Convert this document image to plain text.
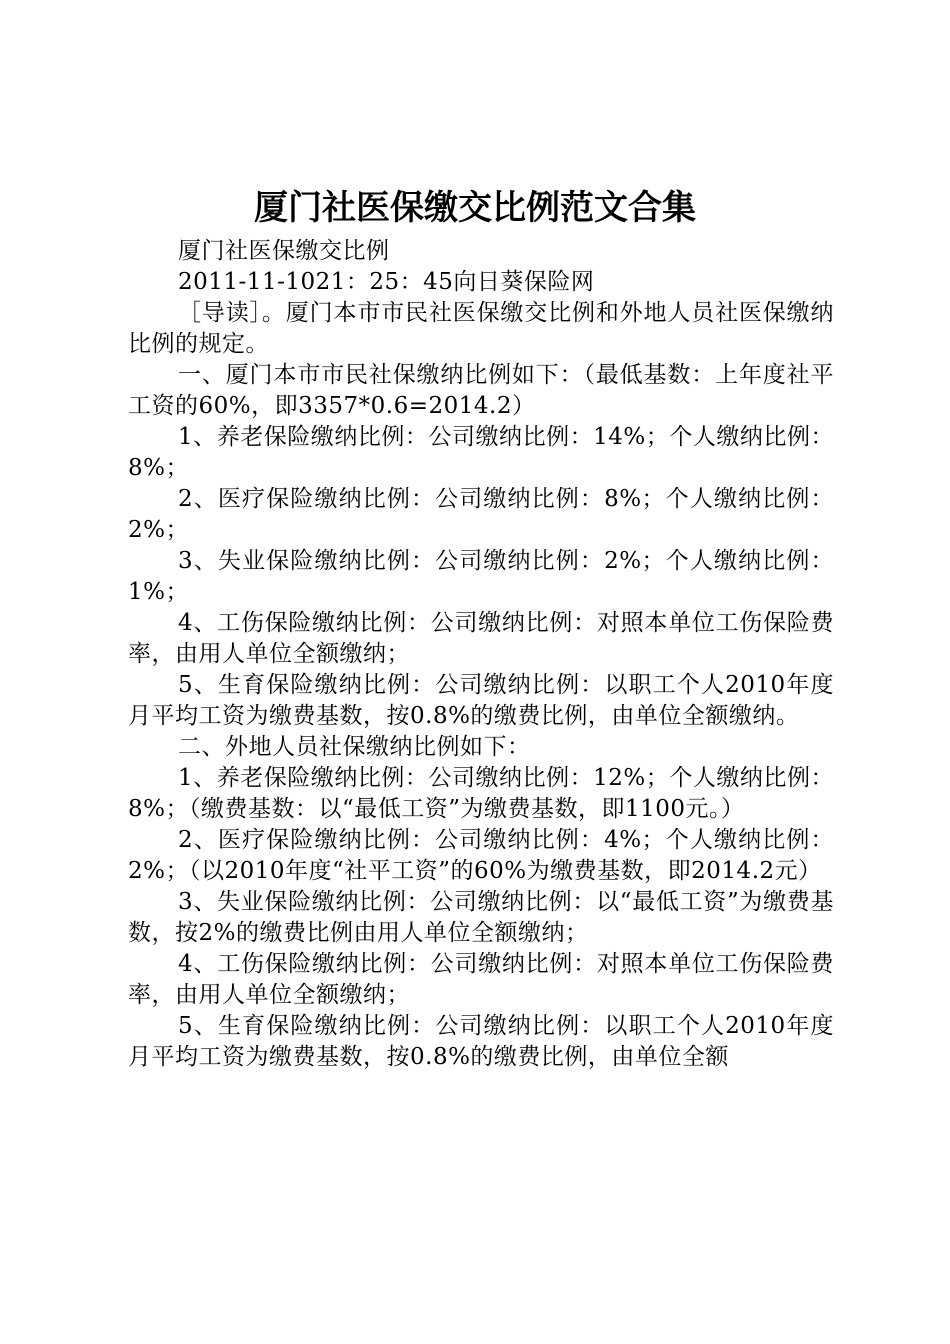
厦门社医保缴交比例范文合集

厦门社医保缴交比例

2011-11-1021：25：45向日葵保险网

［导读］。厦门本市市民社医保缴交比例和外地人员社医保缴纳比例的规定。

一、厦门本市市民社保缴纳比例如下：（最低基数：上年度社平工资的60%，即3357*0.6=2014.2）

1、养老保险缴纳比例：公司缴纳比例：14%；个人缴纳比例：8%；

2、医疗保险缴纳比例：公司缴纳比例：8%；个人缴纳比例：2%；

3、失业保险缴纳比例：公司缴纳比例：2%；个人缴纳比例：1%；

4、工伤保险缴纳比例：公司缴纳比例：对照本单位工伤保险费率，由用人单位全额缴纳；

5、生育保险缴纳比例：公司缴纳比例：以职工个人2010年度月平均工资为缴费基数，按0.8%的缴费比例，由单位全额缴纳。

二、外地人员社保缴纳比例如下：

1、养老保险缴纳比例：公司缴纳比例：12%；个人缴纳比例：8%；（缴费基数：以“最低工资”为缴费基数，即1100元。）

2、医疗保险缴纳比例：公司缴纳比例：4%；个人缴纳比例：2%；（以2010年度“社平工资”的60%为缴费基数，即2014.2元）

3、失业保险缴纳比例：公司缴纳比例：以“最低工资”为缴费基数，按2%的缴费比例由用人单位全额缴纳；

4、工伤保险缴纳比例：公司缴纳比例：对照本单位工伤保险费率，由用人单位全额缴纳；

5、生育保险缴纳比例：公司缴纳比例：以职工个人2010年度月平均工资为缴费基数，按0.8%的缴费比例，由单位全额
